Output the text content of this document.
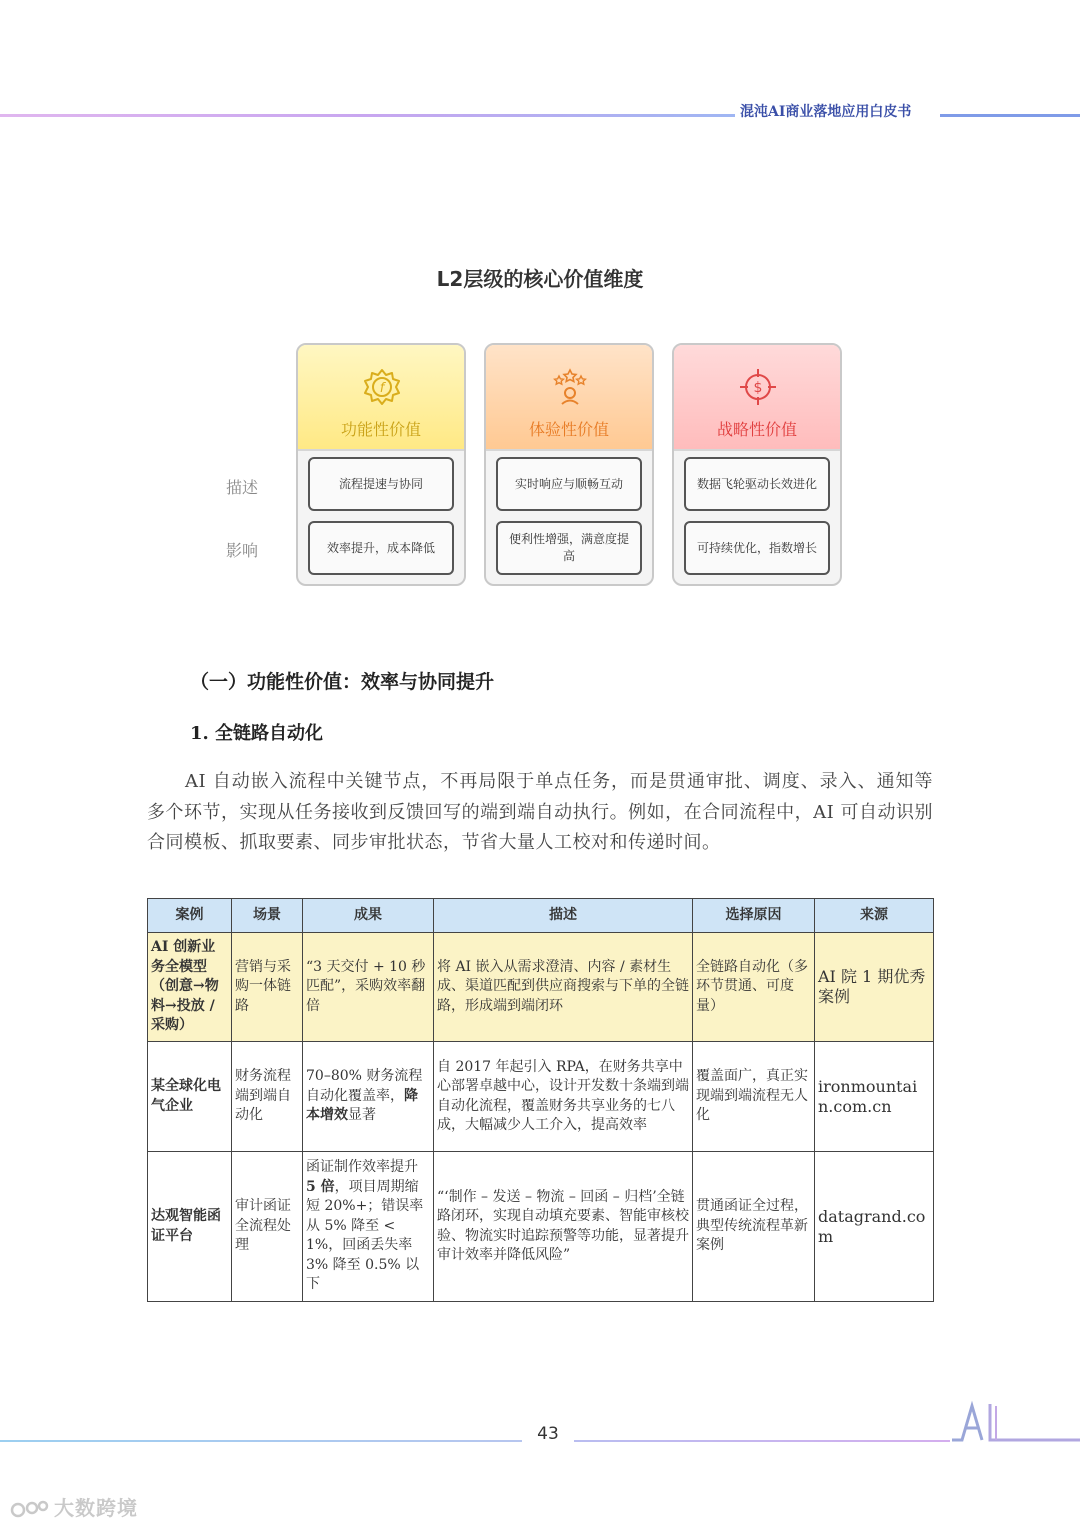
混沌AI商业落地应用白皮书
L2层级的核心价值维度
描述
影响
f
功能性价值
流程提速与协同
效率提升，成本降低
体验性价值
实时响应与顺畅互动
便利性增强，满意度提高
$
战略性价值
数据飞轮驱动长效进化
可持续优化，指数增长
（一）功能性价值：效率与协同提升
1. 全链路自动化
AI 自动嵌入流程中关键节点，不再局限于单点任务，而是贯通审批、调度、录入、通知等多个环节，实现从任务接收到反馈回写的端到端自动执行。例如，在合同流程中，AI 可自动识别合同模板、抓取要素、同步审批状态，节省大量人工校对和传递时间。
案例	场景	成果	描述	选择原因	来源
AI 创新业务全模型（创意→物料→投放 / 采购）	营销与采购一体链路	“3 天交付 + 10 秒匹配”，采购效率翻倍	将 AI 嵌入从需求澄清、内容 / 素材生成、渠道匹配到供应商搜索与下单的全链路，形成端到端闭环	全链路自动化（多环节贯通、可度量）	AI 院 1 期优秀案例
某全球化电气企业	财务流程端到端自动化	70–80% 财务流程自动化覆盖率，降本增效显著	自 2017 年起引入 RPA，在财务共享中心部署卓越中心，设计开发数十条端到端自动化流程，覆盖财务共享业务的七八成，大幅减少人工介入，提高效率	覆盖面广，真正实现端到端流程无人化	ironmountain.com.cn
达观智能函证平台	审计函证全流程处理	函证制作效率提升 5 倍，项目周期缩短 20%+；错误率从 5% 降至 <1%，回函丢失率 3% 降至 0.5% 以下	“‘制作 – 发送 – 物流 – 回函 – 归档’全链路闭环，实现自动填充要素、智能审核校验、物流实时追踪预警等功能，显著提升审计效率并降低风险”	贯通函证全过程，典型传统流程革新案例	datagrand.com
43
大数跨境
